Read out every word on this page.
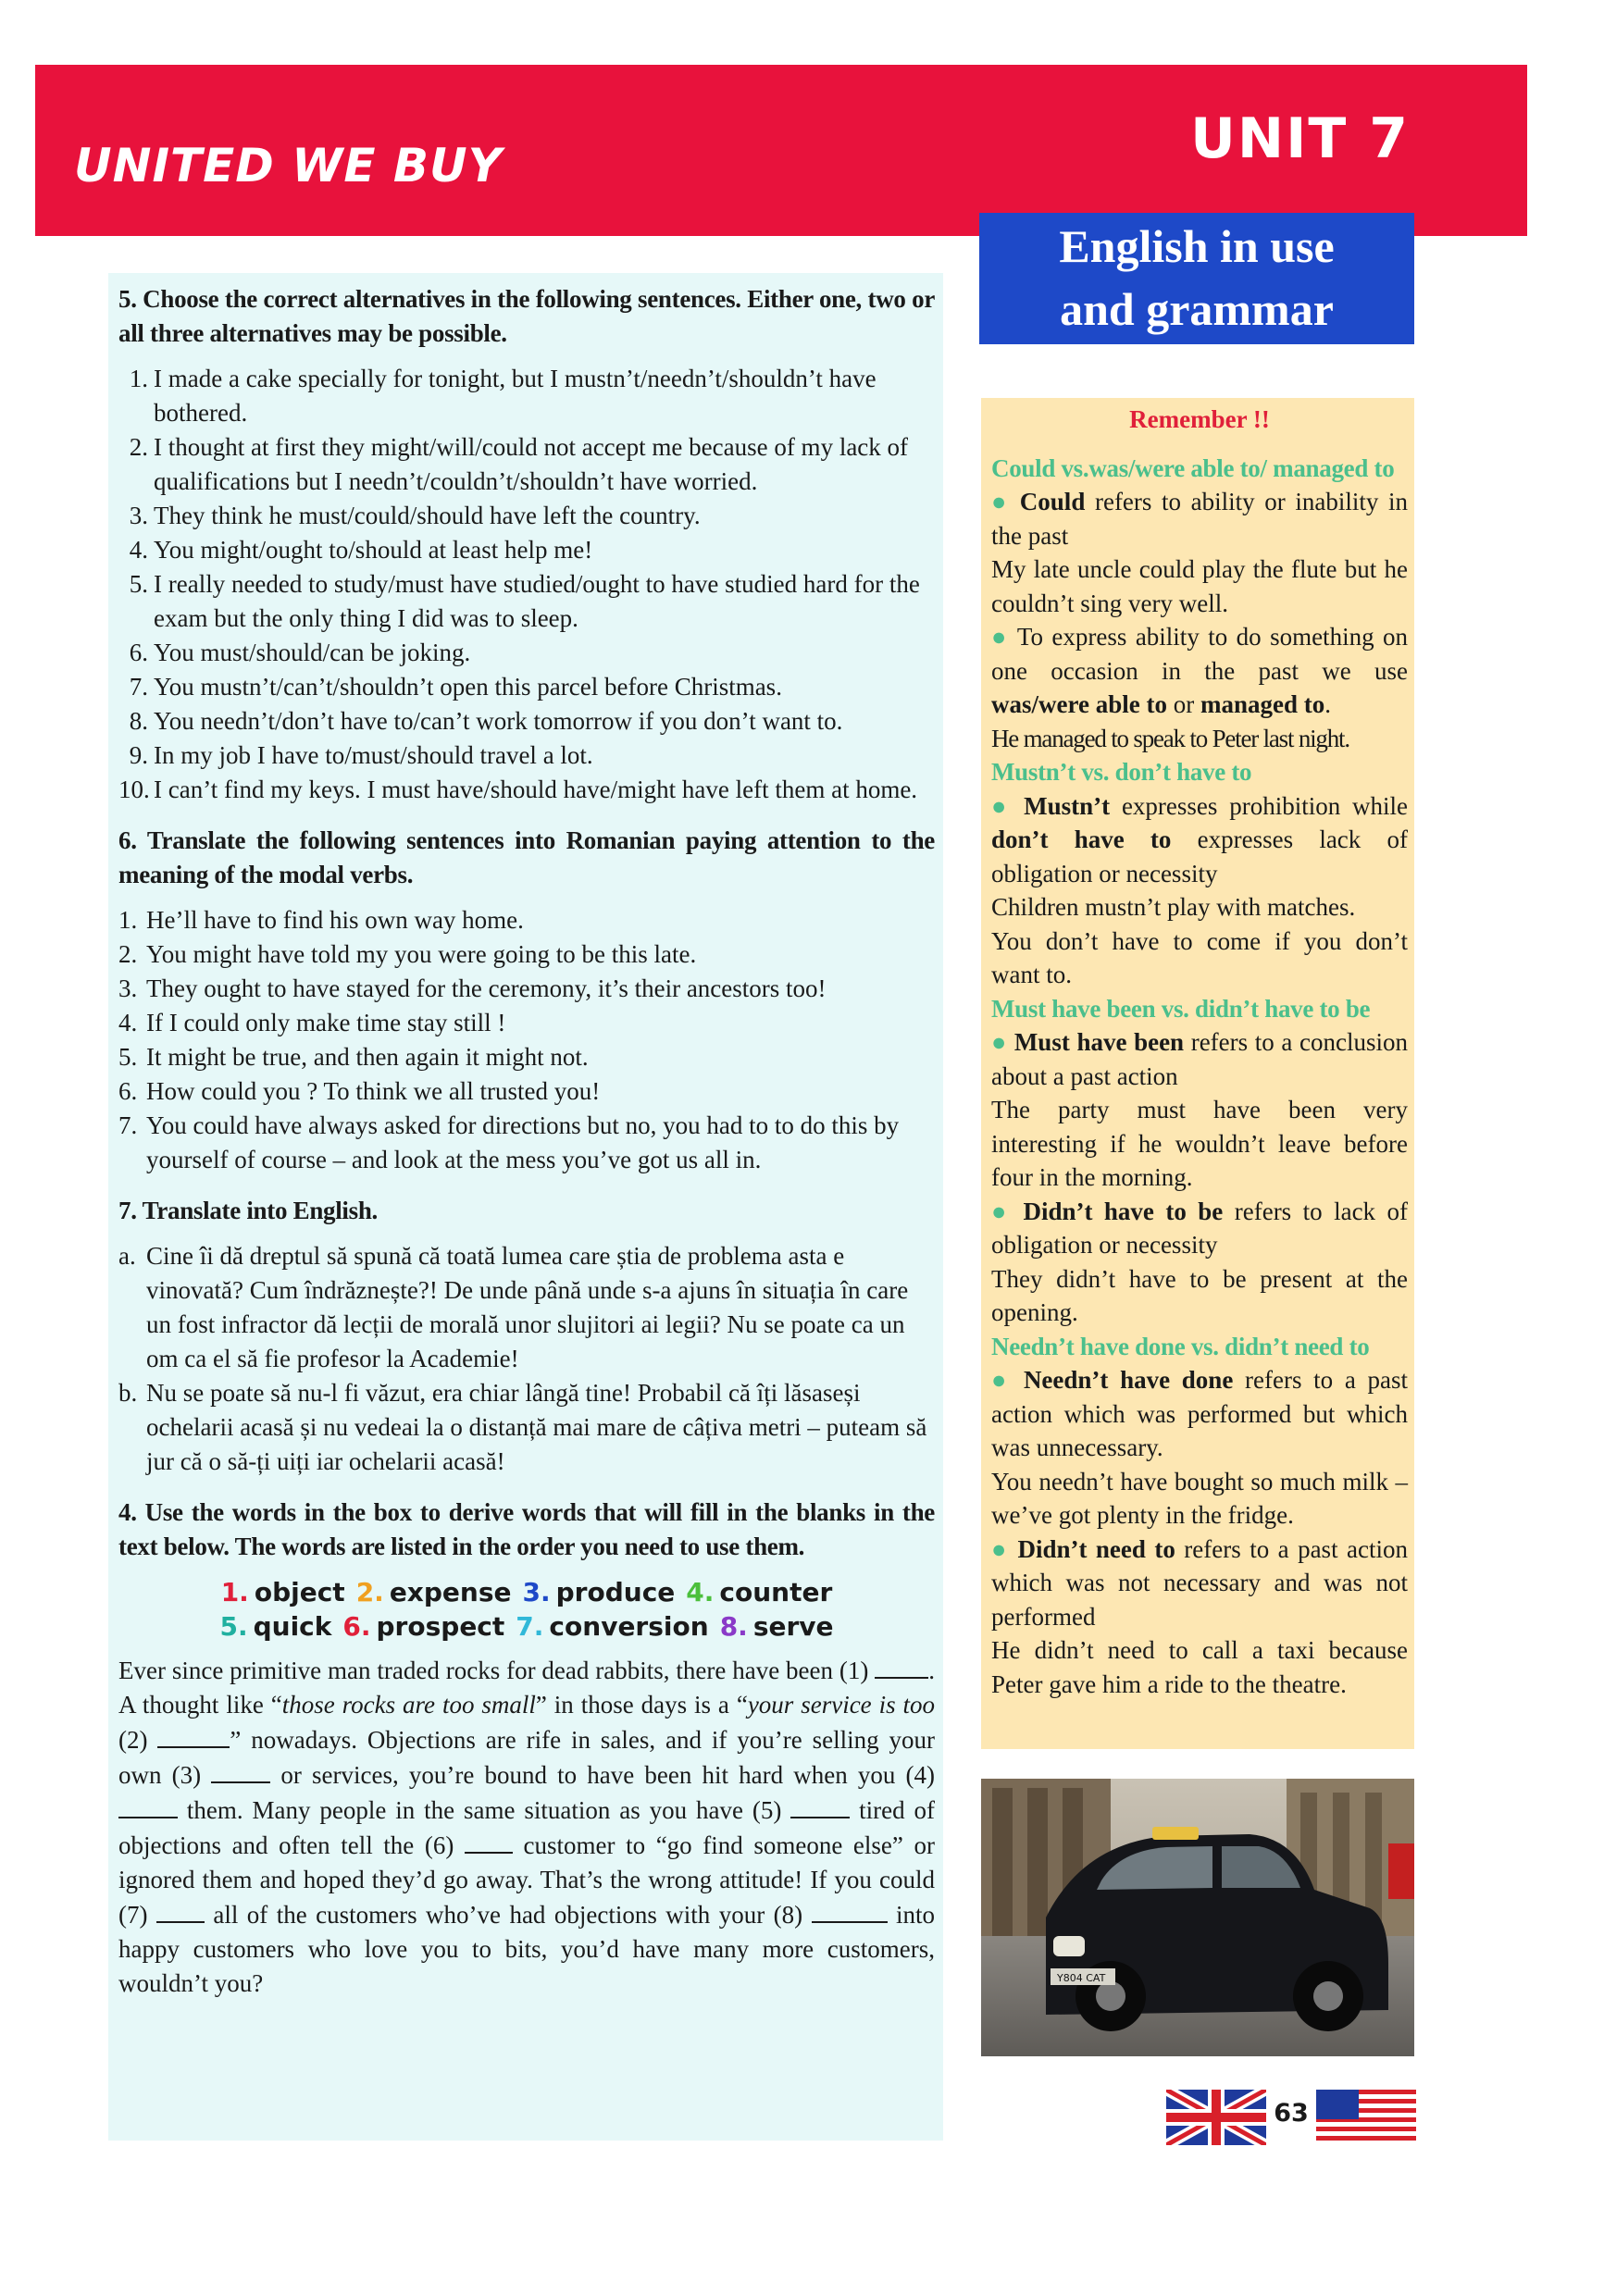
UNITED WE BUY	UNIT 7
English in use
and grammar

5. Choose the correct alternatives in the following sentences. Either one, two or all three alternatives may be possible.

1. I made a cake specially for tonight, but I mustn’t/needn’t/shouldn’t have bothered.
2. I thought at first they might/will/could not accept me because of my lack of qualifications but I needn’t/couldn’t/shouldn’t have worried.
3. They think he must/could/should have left the country.
4. You might/ought to/should at least help me!
5. I really needed to study/must have studied/ought to have studied hard for the exam but the only thing I did was to sleep.
6. You must/should/can be joking.
7. You mustn’t/can’t/shouldn’t open this parcel before Christmas.
8. You needn’t/don’t have to/can’t work tomorrow if you don’t want to.
9. In my job I have to/must/should travel a lot.
10. I can’t find my keys. I must have/should have/might have left them at home.

6. Translate the following sentences into Romanian paying attention to the meaning of the modal verbs.

1. He’ll have to find his own way home.
2. You might have told my you were going to be this late.
3. They ought to have stayed for the ceremony, it’s their ancestors too!
4. If I could only make time stay still !
5. It might be true, and then again it might not.
6. How could you ? To think we all trusted you!
7. You could have always asked for directions but no, you had to to do this by yourself of course – and look at the mess you’ve got us all in.

7. Translate into English.

a. Cine îi dă dreptul să spună că toată lumea care știa de problema asta e vinovată? Cum îndrăznește?! De unde până unde s-a ajuns în situația în care un fost infractor dă lecții de morală unor slujitori ai legii? Nu se poate ca un om ca el să fie profesor la Academie!
b. Nu se poate să nu-l fi văzut, era chiar lângă tine! Probabil că îți lăsaseși ochelarii acasă și nu vedeai la o distanță mai mare de câțiva metri – puteam să jur că o să-ți uiți iar ochelarii acasă!

4. Use the words in the box to derive words that will fill in the blanks in the text below. The words are listed in the order you need to use them.

1. object 2. expense 3. produce 4. counter
5. quick 6. prospect 7. conversion 8. serve

Ever since primitive man traded rocks for dead rabbits, there have been (1) . A thought like “those rocks are too small” in those days is a “your service is too (2)	” nowadays. Objections are rife in sales, and if you’re selling your own (3)  or services, you’re bound to have been hit hard when you (4)  them. Many people in the same situation as you have (5)  tired of objections and often tell the (6)  customer to “go find someone else” or ignored them and hoped they’d go away. That’s the wrong attitude! If you could (7)  all of the customers who’ve had objections with your (8)	into happy customers who love you to bits, you’d have many more customers, wouldn’t you?

Remember !!

Could vs.was/were able to/ managed to

● Could refers to ability or inability in the past

My late uncle could play the flute but he couldn’t sing very well.

● To express ability to do something on one occasion in the past we use was/were able to or managed to.

He managed to speak to Peter last night.

Mustn’t vs. don’t have to

● Mustn’t expresses prohibition while don’t have to expresses lack of obligation or necessity

Children mustn’t play with matches.

You don’t have to come if you don’t want to.

Must have been vs. didn’t have to be

● Must have been refers to a conclusion about a past action

The party must have been very interesting if he wouldn’t leave before four in the morning.

● Didn’t have to be refers to lack of obligation or necessity

They didn’t have to be present at the opening.

Needn’t have done vs. didn’t need to

● Needn’t have done refers to a past action which was performed but which was unnecessary.

You needn’t have bought so much milk – we’ve got plenty in the fridge.

● Didn’t need to refers to a past action which was not necessary and was not performed

He didn’t need to call a taxi because Peter gave him a ride to the theatre.

Y804 CAT
63
